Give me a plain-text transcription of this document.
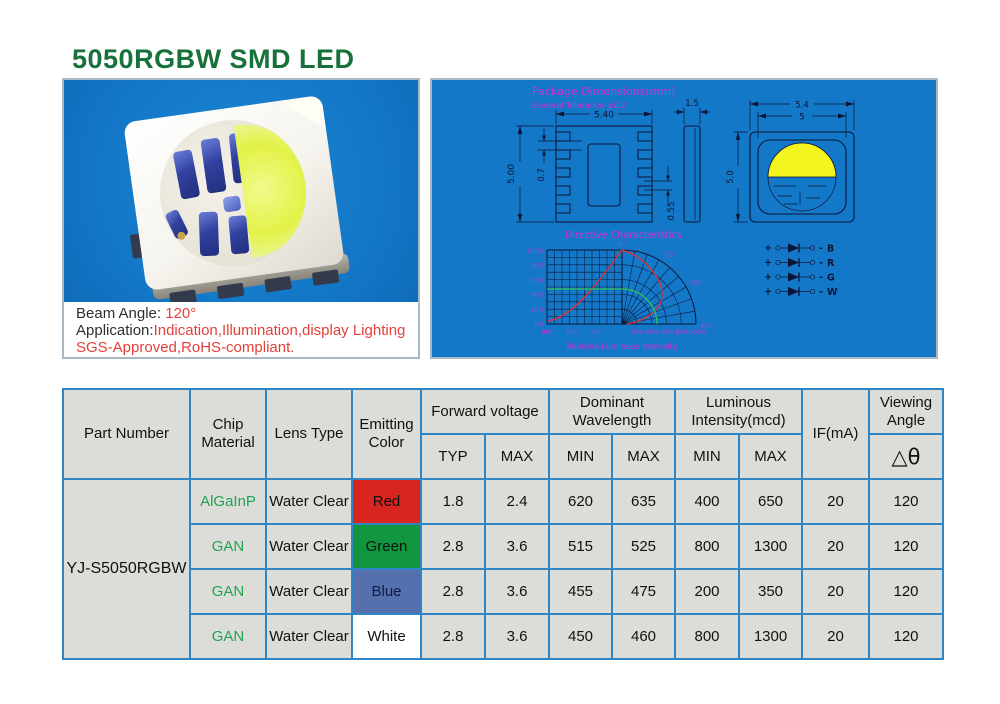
5050RGBW SMD LED
Beam Angle: 120°
Application:Indication,Illumination,display Lighting
SGS-Approved,RoHS-compliant.
Package Dimensions(mm)
General Tolerance ±0.2
5.40
5.00 0.7
0.55
1.5	5.4
5
5.0
Directive Characteristics
100%
80%
60%
40%
20%
0%
90° 60° 30°	20% 40% 60% 80% 100%
0°
30°
60°
90°
Relative Luminous Intensity
+	- B
+	- R
+	- G
+	- W
Part Number	Chip Material	Lens Type	Emitting Color	Forward voltage		Dominant Wavelength		Luminous Intensity(mcd)		IF(mA)	Viewing Angle
				TYP	MAX	MIN	MAX	MIN	MAX		△θ
YJ-S5050RGBW	AlGaInP	Water Clear	Red	1.8	2.4	620	635	400	650	20	120
	GAN	Water Clear	Green	2.8	3.6	515	525	800	1300	20	120
	GAN	Water Clear	Blue	2.8	3.6	455	475	200	350	20	120
	GAN	Water Clear	White	2.8	3.6	450	460	800	1300	20	120
